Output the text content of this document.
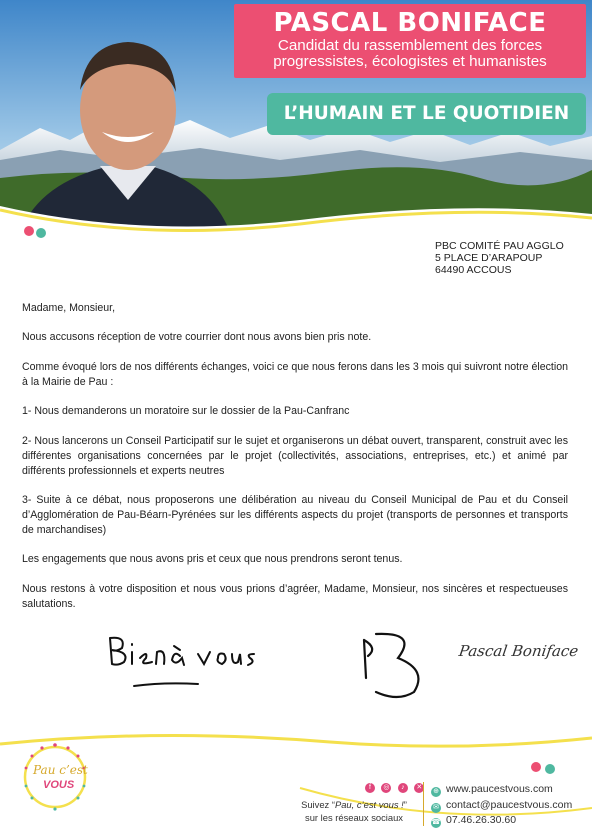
PASCAL BONIFACE
Candidat du rassemblement des forces
progressistes, écologistes et humanistes
L’HUMAIN ET LE QUOTIDIEN
PBC COMITÉ PAU AGGLO
5 PLACE D’ARAPOUP
64490 ACCOUS

Madame, Monsieur,

Nous accusons réception de votre courrier dont nous avons bien pris note.

Comme évoqué lors de nos différents échanges, voici ce que nous ferons dans les 3 mois qui suivront notre élection à la Mairie de Pau :

1- Nous demanderons un moratoire sur le dossier de la Pau-Canfranc

2- Nous lancerons un Conseil Participatif sur le sujet et organiserons un débat ouvert, transparent, construit avec les différentes organisations concernées par le projet (collectivités, associations, entreprises, etc.) et animé par différents professionnels et experts neutres

3- Suite à ce débat, nous proposerons une délibération au niveau du Conseil Municipal de Pau et du Conseil d’Agglomération de Pau-Béarn-Pyrénées sur les différents aspects du projet (transports de personnes et transports de marchandises)

Les engagements que nous avons pris et ceux que nous prendrons seront tenus.

Nous restons à votre disposition et nous vous prions d’agréer, Madame, Monsieur, nos sincères et respectueuses salutations.

Pascal Boniface
Pau c’est
VOUS	f ◎ ♪ ✕
Suivez “Pau, c’est vous !”
sur les réseaux sociaux
⊕ www.paucestvous.com
✉ contact@paucestvous.com
☎ 07.46.26.30.60
